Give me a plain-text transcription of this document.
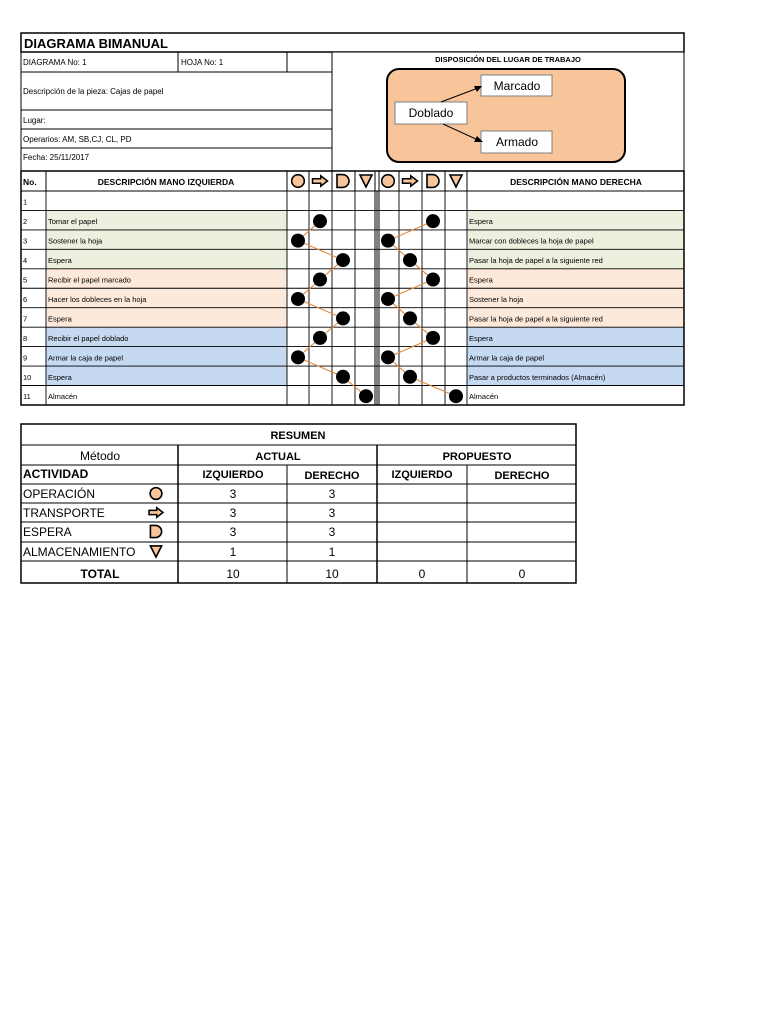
DIAGRAMA BIMANUAL
DIAGRAMA No: 1	HOJA No: 1
Descripción de la pieza: Cajas de papel
Lugar:
Operarios: AM, SB,CJ, CL, PD
Fecha: 25/11/2017
DISPOSICIÓN DEL LUGAR DE TRABAJO
Marcado
Doblado
Armado
No.	DESCRIPCIÓN MANO IZQUIERDA	DESCRIPCIÓN MANO DERECHA
1
2	Tomar el papel	Espera
3	Sostener la hoja	Marcar con dobleces la hoja de papel
4	Espera	Pasar la hoja de papel a la siguiente red
5	Recibir el papel marcado	Espera
6	Hacer los dobleces en la hoja	Sostener la hoja
7	Espera	Pasar la hoja de papel a la siguiente red
8	Recibir el papel doblado	Espera
9	Armar la caja de papel	Armar la caja de papel
10 Espera	Pasar a productos terminados (Almacén)
11 Almacén	Almacén
RESUMEN
Método	ACTUAL	PROPUESTO
ACTIVIDAD	IZQUIERDO	DERECHO	IZQUIERDO	DERECHO
OPERACIÓN	3	3
TRANSPORTE	3	3
ESPERA	3	3
ALMACENAMIENTO	1	1
TOTAL	10	10	0	0
